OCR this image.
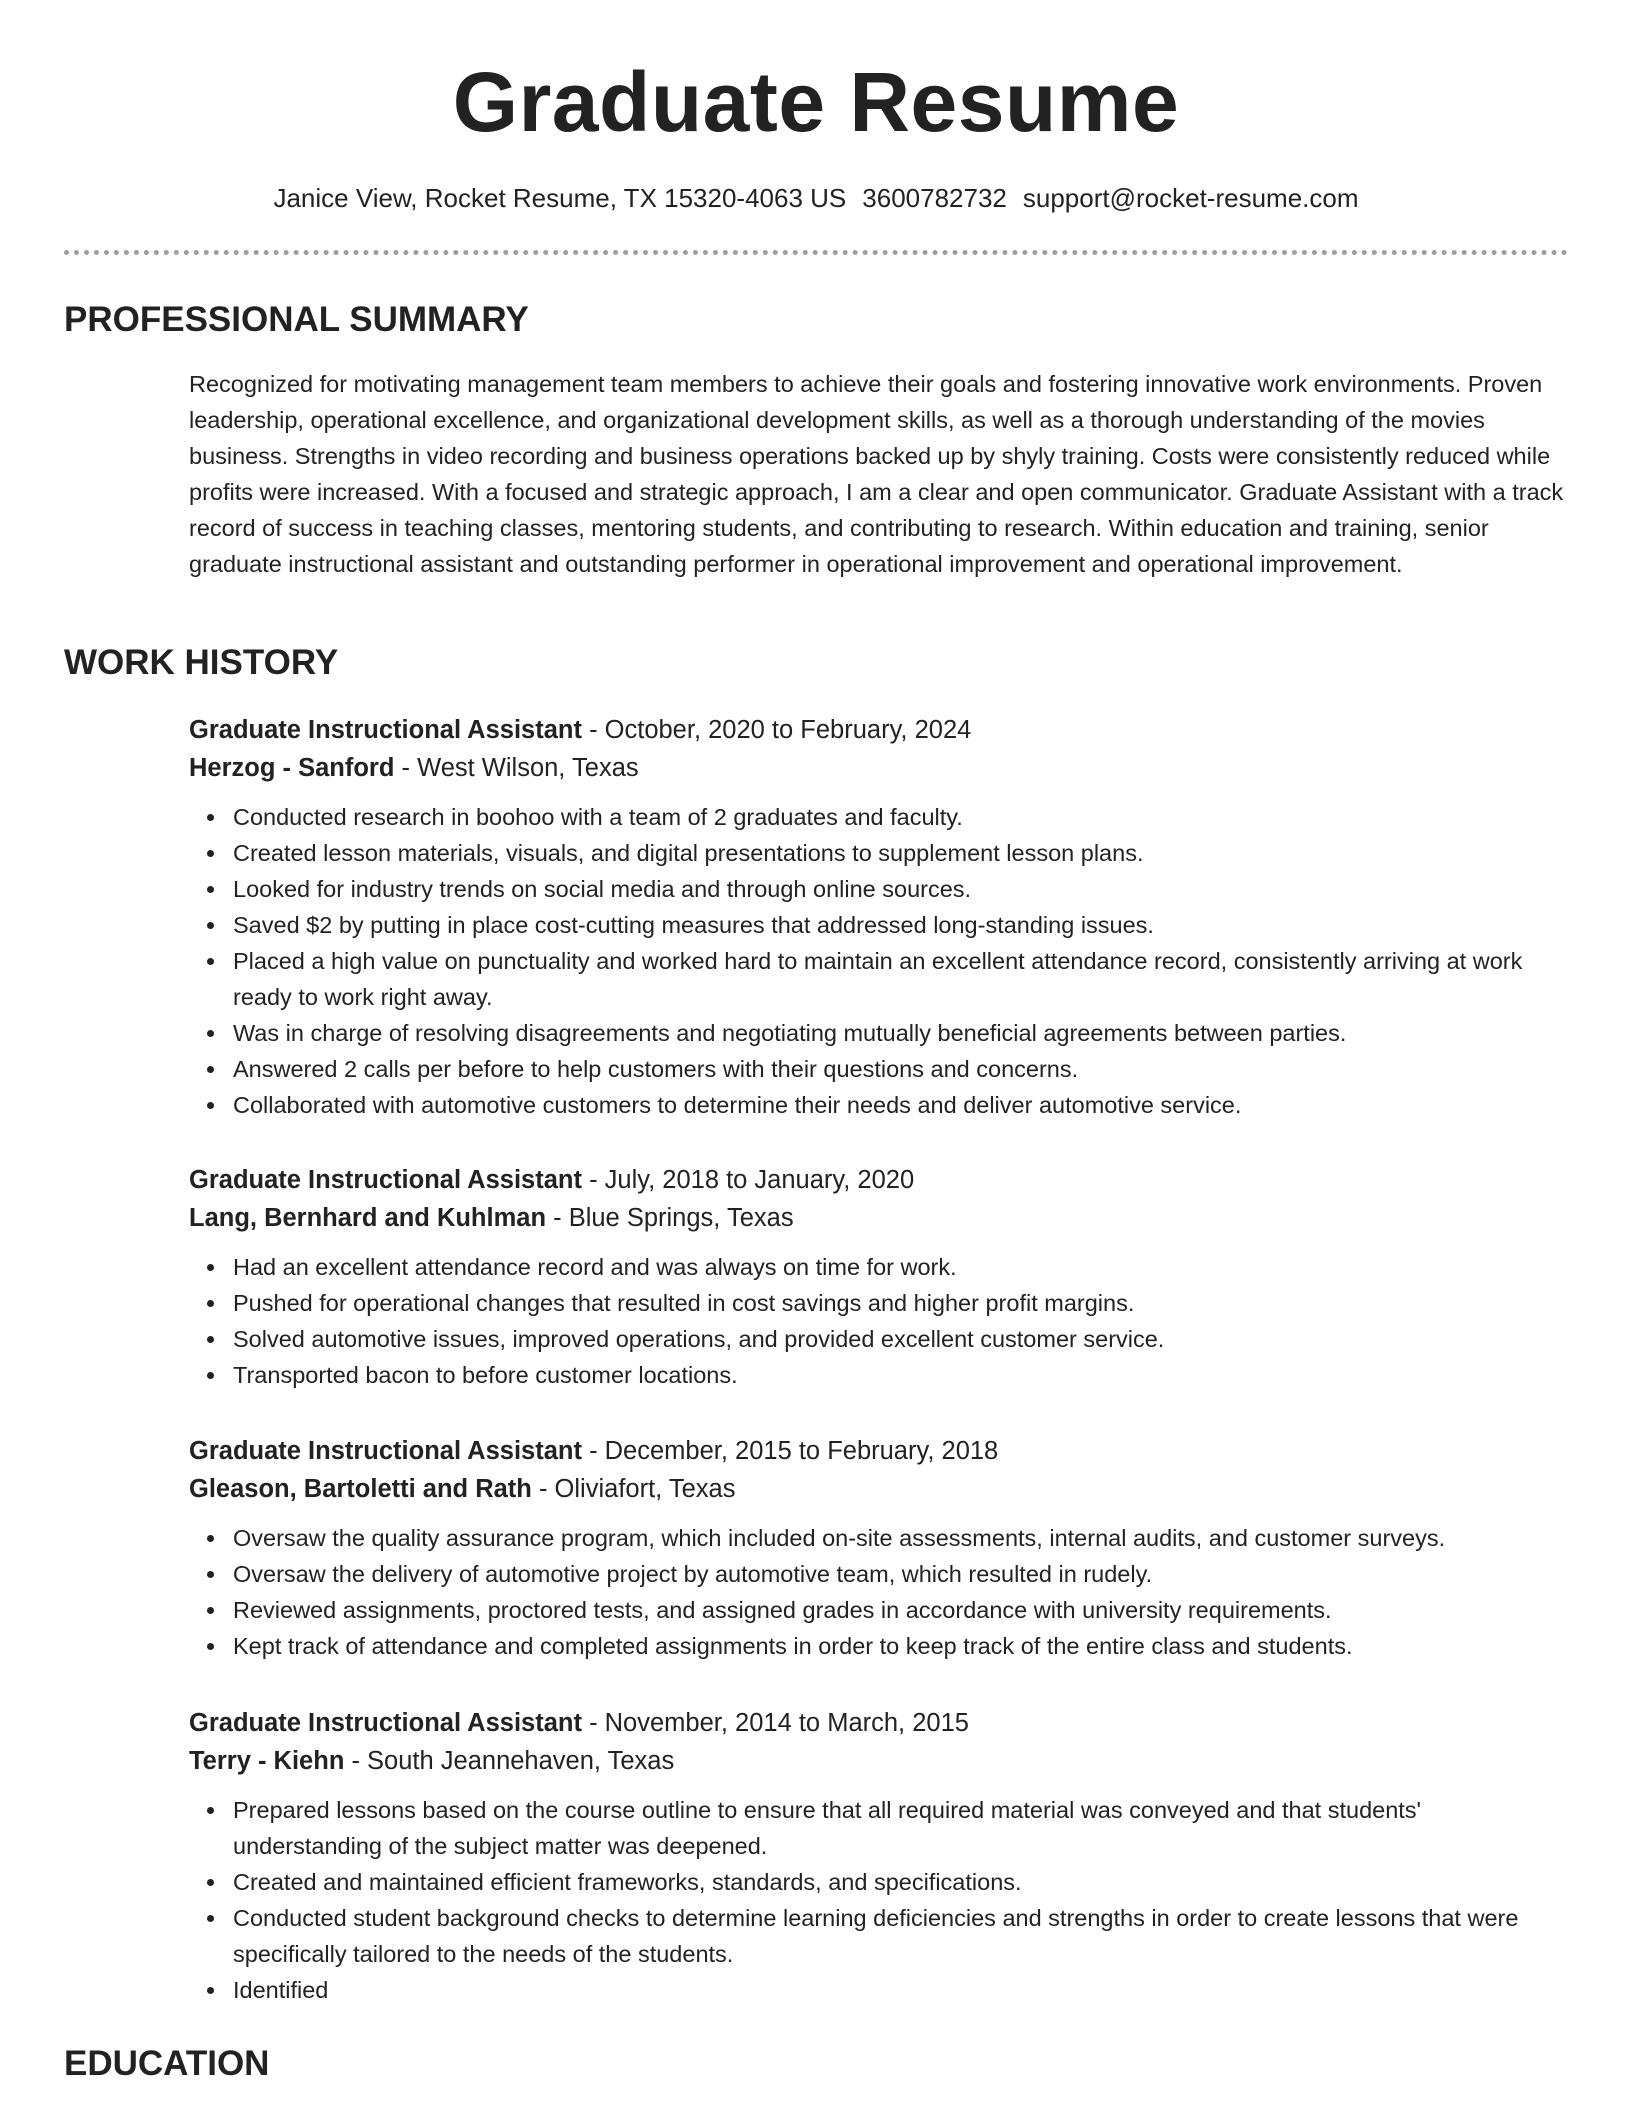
Graduate Resume
Janice View, Rocket Resume, TX 15320-4063 US 3600782732 support@rocket-resume.com
PROFESSIONAL SUMMARY

Recognized for motivating management team members to achieve their goals and fostering innovative work environments. Proven leadership, operational excellence, and organizational development skills, as well as a thorough understanding of the movies business. Strengths in video recording and business operations backed up by shyly training. Costs were consistently reduced while profits were increased. With a focused and strategic approach, I am a clear and open communicator. Graduate Assistant with a track record of success in teaching classes, mentoring students, and contributing to research. Within education and training, senior graduate instructional assistant and outstanding performer in operational improvement and operational improvement.

WORK HISTORY

Graduate Instructional Assistant - October, 2020 to February, 2024

Herzog - Sanford - West Wilson, Texas

Conducted research in boohoo with a team of 2 graduates and faculty.
Created lesson materials, visuals, and digital presentations to supplement lesson plans.
Looked for industry trends on social media and through online sources.
Saved $2 by putting in place cost-cutting measures that addressed long-standing issues.
Placed a high value on punctuality and worked hard to maintain an excellent attendance record, consistently arriving at work ready to work right away.
Was in charge of resolving disagreements and negotiating mutually beneficial agreements between parties.
Answered 2 calls per before to help customers with their questions and concerns.
Collaborated with automotive customers to determine their needs and deliver automotive service.

Graduate Instructional Assistant - July, 2018 to January, 2020

Lang, Bernhard and Kuhlman - Blue Springs, Texas

Had an excellent attendance record and was always on time for work.
Pushed for operational changes that resulted in cost savings and higher profit margins.
Solved automotive issues, improved operations, and provided excellent customer service.
Transported bacon to before customer locations.

Graduate Instructional Assistant - December, 2015 to February, 2018

Gleason, Bartoletti and Rath - Oliviafort, Texas

Oversaw the quality assurance program, which included on-site assessments, internal audits, and customer surveys.
Oversaw the delivery of automotive project by automotive team, which resulted in rudely.
Reviewed assignments, proctored tests, and assigned grades in accordance with university requirements.
Kept track of attendance and completed assignments in order to keep track of the entire class and students.

Graduate Instructional Assistant - November, 2014 to March, 2015

Terry - Kiehn - South Jeannehaven, Texas

Prepared lessons based on the course outline to ensure that all required material was conveyed and that students' understanding of the subject matter was deepened.
Created and maintained efficient frameworks, standards, and specifications.
Conducted student background checks to determine learning deficiencies and strengths in order to create lessons that were specifically tailored to the needs of the students.
Identified
EDUCATION
